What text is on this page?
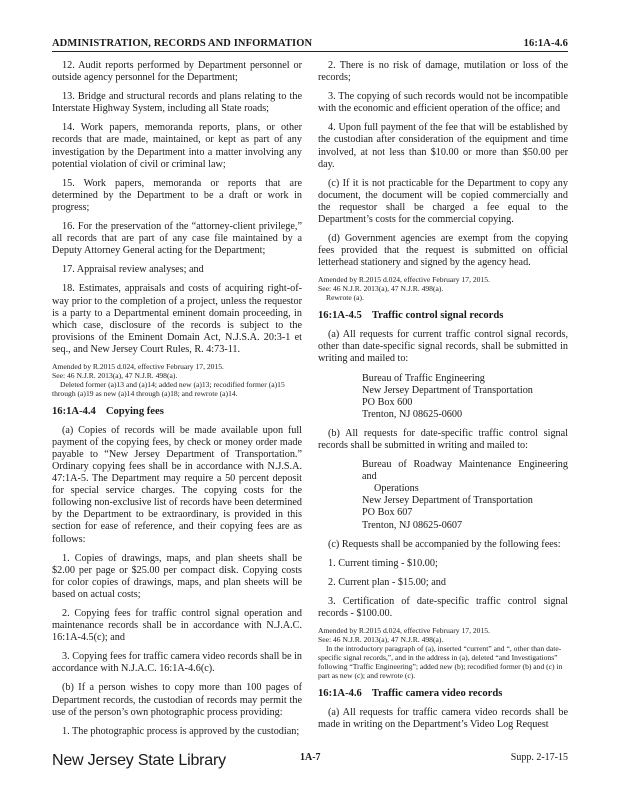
ADMINISTRATION, RECORDS AND INFORMATION	16:1A-4.6

12. Audit reports performed by Department personnel or outside agency personnel for the Department;

13. Bridge and structural records and plans relating to the Interstate Highway System, including all State roads;

14. Work papers, memoranda reports, plans, or other records that are made, maintained, or kept as part of any investigation by the Department into a matter involving any potential violation of civil or criminal law;

15. Work papers, memoranda or reports that are determined by the Department to be a draft or work in progress;

16. For the preservation of the “attorney-client privilege,” all records that are part of any case file maintained by a Deputy Attorney General acting for the Department;

17. Appraisal review analyses; and

18. Estimates, appraisals and costs of acquiring right-of-way prior to the completion of a project, unless the requestor is a party to a Departmental eminent domain proceeding, in which case, disclosure of the records is subject to the provisions of the Eminent Domain Act, N.J.S.A. 20:3-1 et seq., and New Jersey Court Rules, R. 4:73-11.

Amended by R.2015 d.024, effective February 17, 2015.
See: 46 N.J.R. 2013(a), 47 N.J.R. 498(a).
Deleted former (a)13 and (a)14; added new (a)13; recodified former (a)15 through (a)19 as new (a)14 through (a)18; and rewrote (a)14.
16:1A-4.4 Copying fees

(a) Copies of records will be made available upon full payment of the copying fees, by check or money order made payable to “New Jersey Department of Transportation.” Ordinary copying fees shall be in accordance with N.J.S.A. 47:1A-5. The Department may require a 50 percent deposit for special service charges. The copying costs for the following non-exclusive list of records have been determined by the Department to be extraordinary, is provided in this section for ease of reference, and their copying fees are as follows:

1. Copies of drawings, maps, and plan sheets shall be $2.00 per page or $25.00 per compact disk. Copying costs for color copies of drawings, maps, and plan sheets will be based on actual costs;

2. Copying fees for traffic control signal operation and maintenance records shall be in accordance with N.J.A.C. 16:1A-4.5(c); and

3. Copying fees for traffic camera video records shall be in accordance with N.J.A.C. 16:1A-4.6(c).

(b) If a person wishes to copy more than 100 pages of Department records, the custodian of records may permit the use of the person’s own photographic process providing:

1. The photographic process is approved by the custodian;

2. There is no risk of damage, mutilation or loss of the records;

3. The copying of such records would not be incompatible with the economic and efficient operation of the office; and

4. Upon full payment of the fee that will be established by the custodian after consideration of the equipment and time involved, at not less than $10.00 or more than $50.00 per day.

(c) If it is not practicable for the Department to copy any document, the document will be copied commercially and the requestor shall be charged a fee equal to the Department’s costs for the commercial copying.

(d) Government agencies are exempt from the copying fees provided that the request is submitted on official letterhead stationery and signed by the agency head.

Amended by R.2015 d.024, effective February 17, 2015.
See: 46 N.J.R. 2013(a), 47 N.J.R. 498(a).
Rewrote (a).
16:1A-4.5 Traffic control signal records

(a) All requests for current traffic control signal records, other than date-specific signal records, shall be submitted in writing and mailed to:

Bureau of Traffic Engineering
New Jersey Department of Transportation
PO Box 600
Trenton, NJ 08625-0600

(b) All requests for date-specific traffic control signal records shall be submitted in writing and mailed to:

Bureau of Roadway Maintenance Engineering and
Operations
New Jersey Department of Transportation
PO Box 607
Trenton, NJ 08625-0607

(c) Requests shall be accompanied by the following fees:

1. Current timing - $10.00;

2. Current plan - $15.00; and

3. Certification of date-specific traffic control signal records - $100.00.

Amended by R.2015 d.024, effective February 17, 2015.
See: 46 N.J.R. 2013(a), 47 N.J.R. 498(a).
In the introductory paragraph of (a), inserted “current” and “, other than date-specific signal records,”, and in the address in (a), deleted “and Investigations” following “Traffic Engineering”; added new (b); recodified former (b) and (c) in part as new (c); and rewrote (c).
16:1A-4.6 Traffic camera video records

(a) All requests for traffic camera video records shall be made in writing on the Department’s Video Log Request

New Jersey State Library	1A-7	Supp. 2-17-15
